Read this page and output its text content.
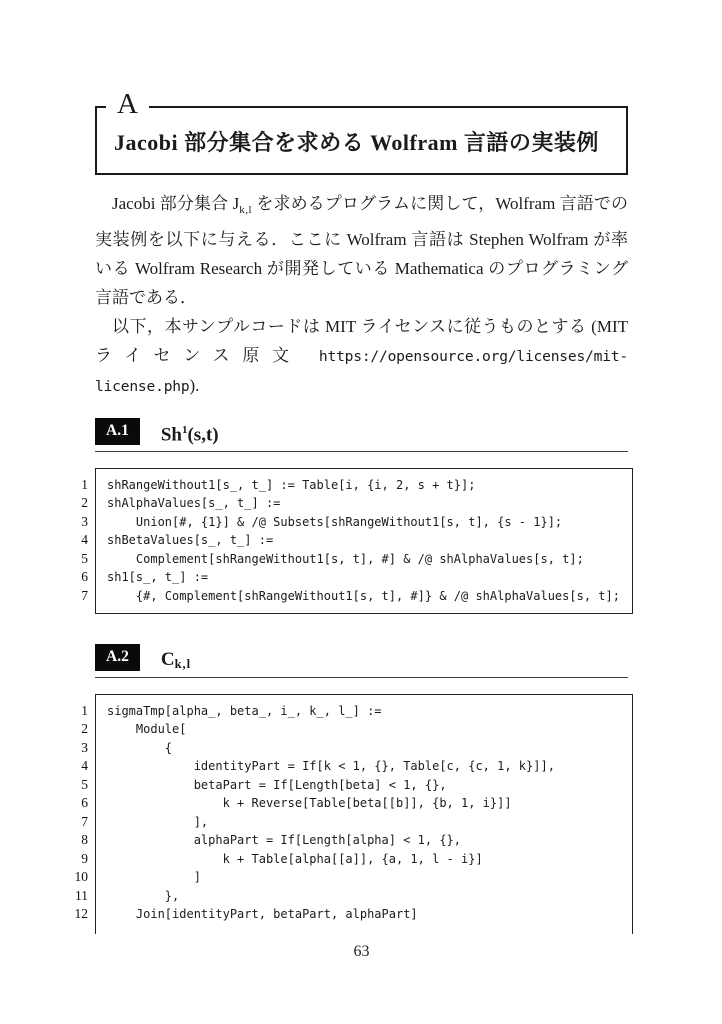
A
Jacobi 部分集合を求める Wolfram 言語の実装例

Jacobi 部分集合 $J_{k,l}$ を求めるプログラムに関して，Wolfram 言語での実装例を以下に与える．ここに Wolfram 言語は Stephen Wolfram が率いる Wolfram Research が開発している Mathematica のプログラミング言語である．

以下，本サンプルコードは MIT ライセンスに従うものとする (MIT ライセンス原文 https://opensource.org/licenses/mit-license.php).

A.1	Sh$^1$(s,t)
1
2
3
4
5
6
7
shRangeWithout1[s_, t_] := Table[i, {i, 2, s + t}];
shAlphaValues[s_, t_] :=
Union[#, {1}] & /@ Subsets[shRangeWithout1[s, t], {s - 1}];
shBetaValues[s_, t_] :=
Complement[shRangeWithout1[s, t], #] & /@ shAlphaValues[s, t];
sh1[s_, t_] :=
{#, Complement[shRangeWithout1[s, t], #]} & /@ shAlphaValues[s, t];
A.2	Ck,l
1
2
3
4
5
6
7
8
9
10
11
12
sigmaTmp[alpha_, beta_, i_, k_, l_] :=
Module[
{
identityPart = If[k < 1, {}, Table[c, {c, 1, k}]],
betaPart = If[Length[beta] < 1, {},
k + Reverse[Table[beta[[b]], {b, 1, i}]]
],
alphaPart = If[Length[alpha] < 1, {},
k + Table[alpha[[a]], {a, 1, l - i}]
]
},
Join[identityPart, betaPart, alphaPart]
63
